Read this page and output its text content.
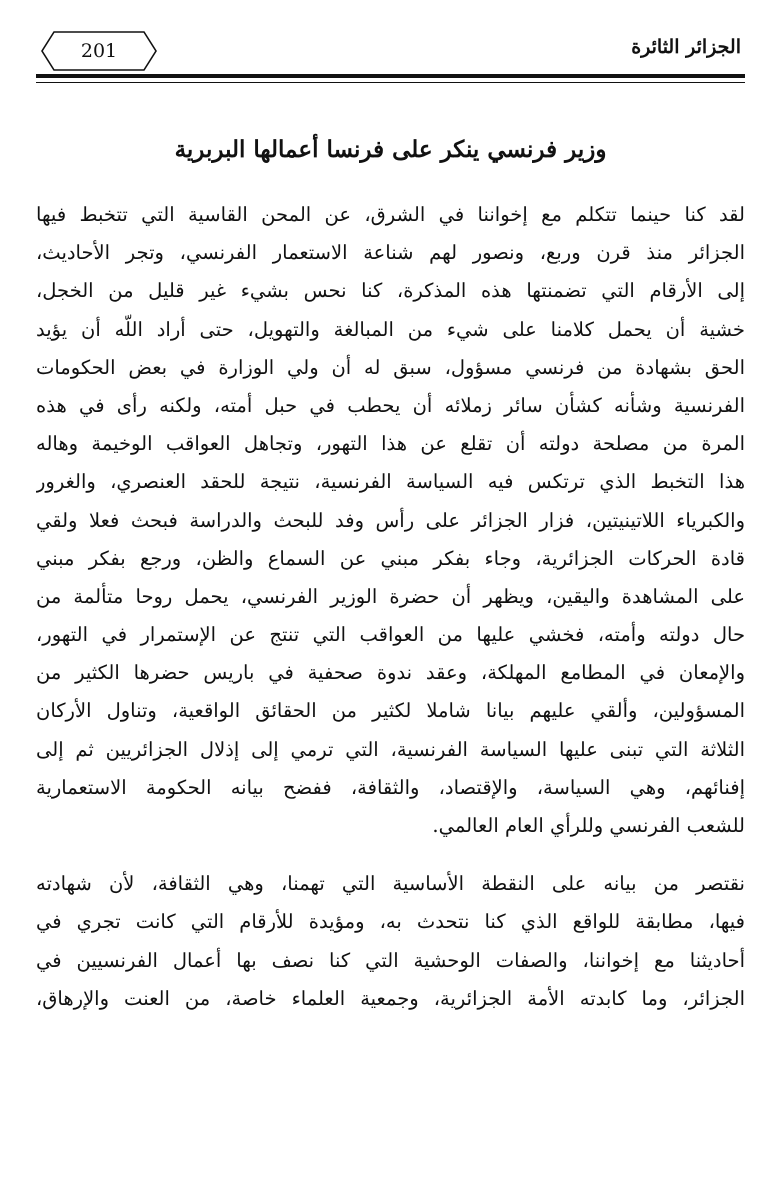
201	الجزائر الثائرة
وزير فرنسي ينكر على فرنسا أعمالها البربرية
لقد كنا حينما تتكلم مع إخواننا في الشرق، عن المحن القاسية التي تتخبط فيها
الجزائر منذ قرن وربع، ونصور لهم شناعة الاستعمار الفرنسي، وتجر الأحاديث،
إلى الأرقام التي تضمنتها هذه المذكرة، كنا نحس بشيء غير قليل من الخجل،
خشية أن يحمل كلامنا على شيء من المبالغة والتهويل، حتى أراد اللّه أن يؤيد
الحق بشهادة من فرنسي مسؤول، سبق له أن ولي الوزارة في بعض الحكومات
الفرنسية وشأنه كشأن سائر زملائه أن يحطب في حبل أمته، ولكنه رأى في هذه
المرة من مصلحة دولته أن تقلع عن هذا التهور، وتجاهل العواقب الوخيمة وهاله
هذا التخبط الذي ترتكس فيه السياسة الفرنسية، نتيجة للحقد العنصري، والغرور
والكبرياء اللاتينيتين، فزار الجزائر على رأس وفد للبحث والدراسة فبحث فعلا ولقي
قادة الحركات الجزائرية، وجاء بفكر مبني عن السماع والظن، ورجع بفكر مبني
على المشاهدة واليقين، ويظهر أن حضرة الوزير الفرنسي، يحمل روحا متألمة من
حال دولته وأمته، فخشي عليها من العواقب التي تنتج عن الإستمرار في التهور،
والإمعان في المطامع المهلكة، وعقد ندوة صحفية في باريس حضرها الكثير من
المسؤولين، وألقي عليهم بيانا شاملا لكثير من الحقائق الواقعية، وتناول الأركان
الثلاثة التي تبنى عليها السياسة الفرنسية، التي ترمي إلى إذلال الجزائريين ثم إلى
إفنائهم، وهي السياسة، والإقتصاد، والثقافة، ففضح بيانه الحكومة الاستعمارية
للشعب الفرنسي وللرأي العام العالمي.
نقتصر من بيانه على النقطة الأساسية التي تهمنا، وهي الثقافة، لأن شهادته
فيها، مطابقة للواقع الذي كنا نتحدث به، ومؤيدة للأرقام التي كانت تجري في
أحاديثنا مع إخواننا، والصفات الوحشية التي كنا نصف بها أعمال الفرنسيين في
الجزائر، وما كابدته الأمة الجزائرية، وجمعية العلماء خاصة، من العنت والإرهاق،
